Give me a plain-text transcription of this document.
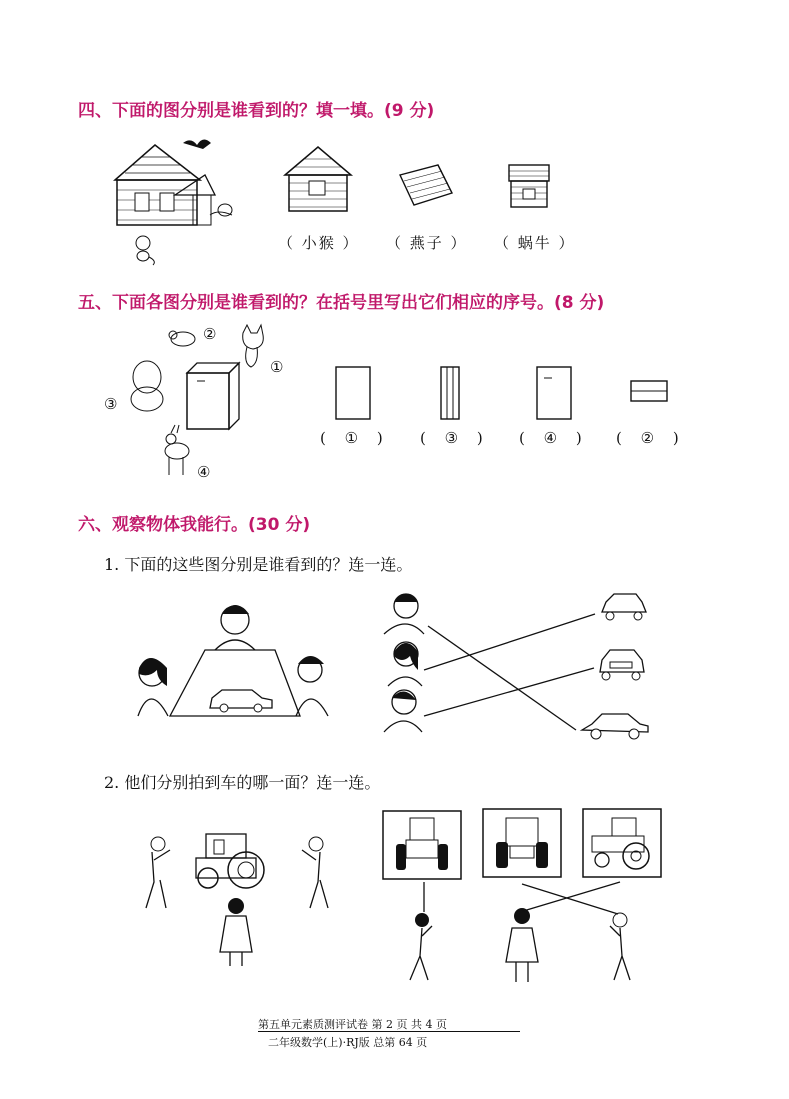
四、下面的图分别是谁看到的？填一填。(9 分)
（ 小猴 ） （ 燕子 ） （ 蜗牛 ）
五、下面各图分别是谁看到的？在括号里写出它们相应的序号。(8 分)
②
①
③
④
( ① ) ( ③ ) ( ④ ) ( ② )
六、观察物体我能行。(30 分)
1. 下面的这些图分别是谁看到的？连一连。
2. 他们分别拍到车的哪一面？连一连。
第五单元素质测评试卷 第 2 页 共 4 页
二年级数学(上)·RJ版 总第 64 页
